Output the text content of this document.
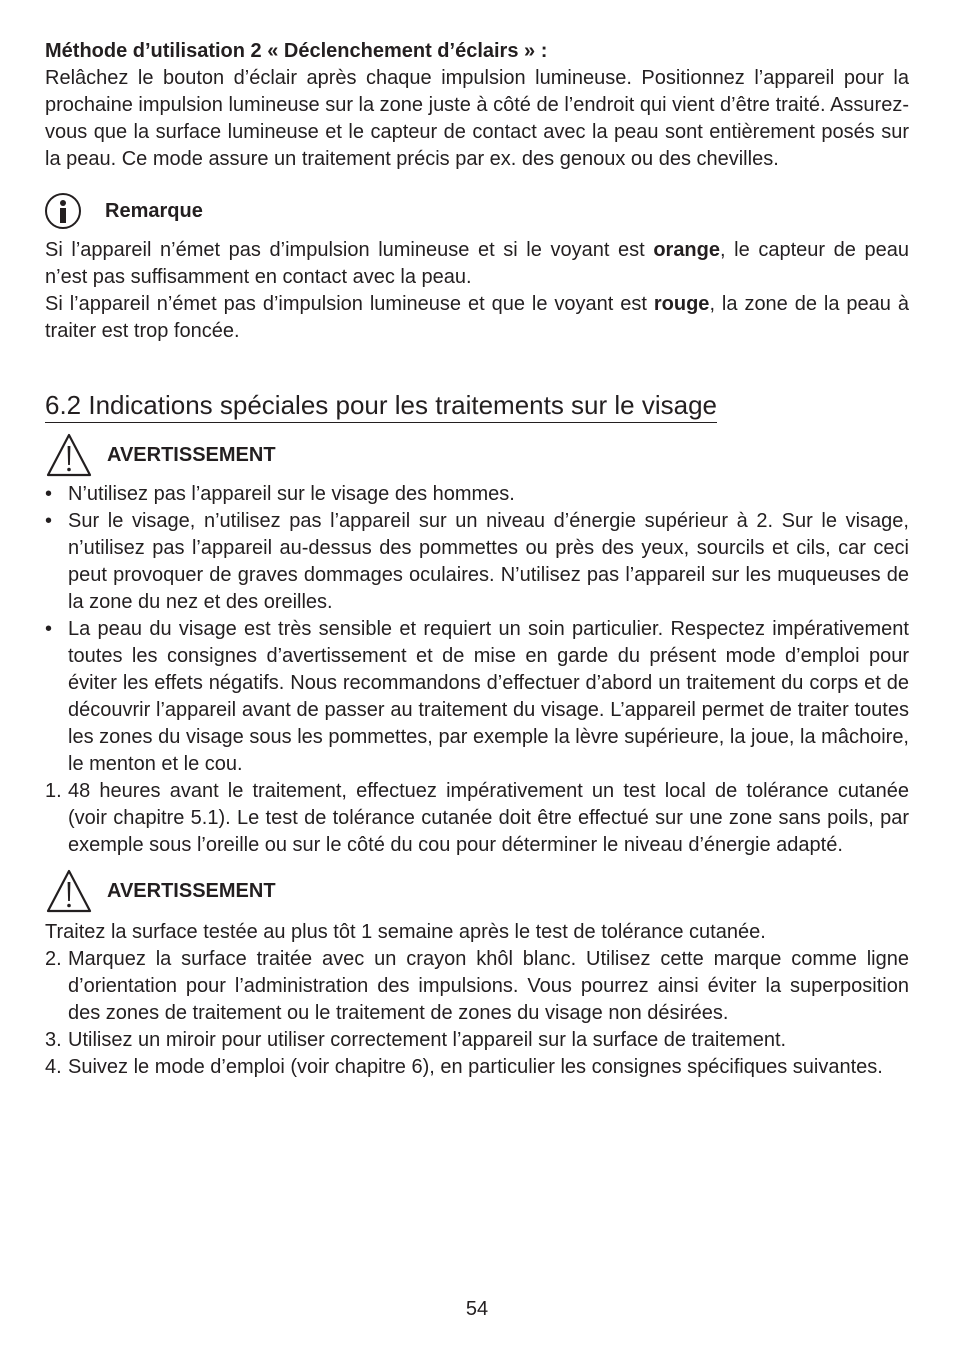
Méthode d’utilisation 2 « Déclenchement d’éclairs » :

Relâchez le bouton d’éclair après chaque impulsion lumineuse. Positionnez l’appareil pour la prochaine impulsion lumineuse sur la zone juste à côté de l’endroit qui vient d’être traité. Assurez-vous que la surface lumineuse et le capteur de contact avec la peau sont entièrement posés sur la peau. Ce mode assure un traitement précis par ex. des genoux ou des chevilles.

Remarque

Si l’appareil n’émet pas d’impulsion lumineuse et si le voyant est orange, le capteur de peau n’est pas suffisamment en contact avec la peau.

Si l’appareil n’émet pas d’impulsion lumineuse et que le voyant est rouge, la zone de la peau à traiter est trop foncée.

6.2 Indications spéciales pour les traitements sur le visage
AVERTISSEMENT
• N’utilisez pas l’appareil sur le visage des hommes.
• Sur le visage, n’utilisez pas l’appareil sur un niveau d’énergie supérieur à 2. Sur le visage, n’utilisez pas l’appareil au-dessus des pommettes ou près des yeux, sourcils et cils, car ceci peut provoquer de graves dommages oculaires. N’utilisez pas l’appareil sur les muqueuses de la zone du nez et des oreilles.
• La peau du visage est très sensible et requiert un soin particulier. Respectez impérativement toutes les consignes d’avertissement et de mise en garde du présent mode d’emploi pour éviter les effets négatifs. Nous recommandons d’effectuer d’abord un traitement du corps et de découvrir l’appareil avant de passer au traitement du visage. L’appareil permet de traiter toutes les zones du visage sous les pommettes, par exemple la lèvre supérieure, la joue, la mâchoire, le menton et le cou.
1. 48 heures avant le traitement, effectuez impérativement un test local de tolérance cutanée (voir chapitre 5.1). Le test de tolérance cutanée doit être effectué sur une zone sans poils, par exemple sous l’oreille ou sur le côté du cou pour déterminer le niveau d’énergie adapté.
AVERTISSEMENT

Traitez la surface testée au plus tôt 1 semaine après le test de tolérance cutanée.

2. Marquez la surface traitée avec un crayon khôl blanc. Utilisez cette marque comme ligne d’orientation pour l’administration des impulsions. Vous pourrez ainsi éviter la superposition des zones de traitement ou le traitement de zones du visage non désirées.
3. Utilisez un miroir pour utiliser correctement l’appareil sur la surface de traitement.
4. Suivez le mode d’emploi (voir chapitre 6), en particulier les consignes spécifiques suivantes.
54
